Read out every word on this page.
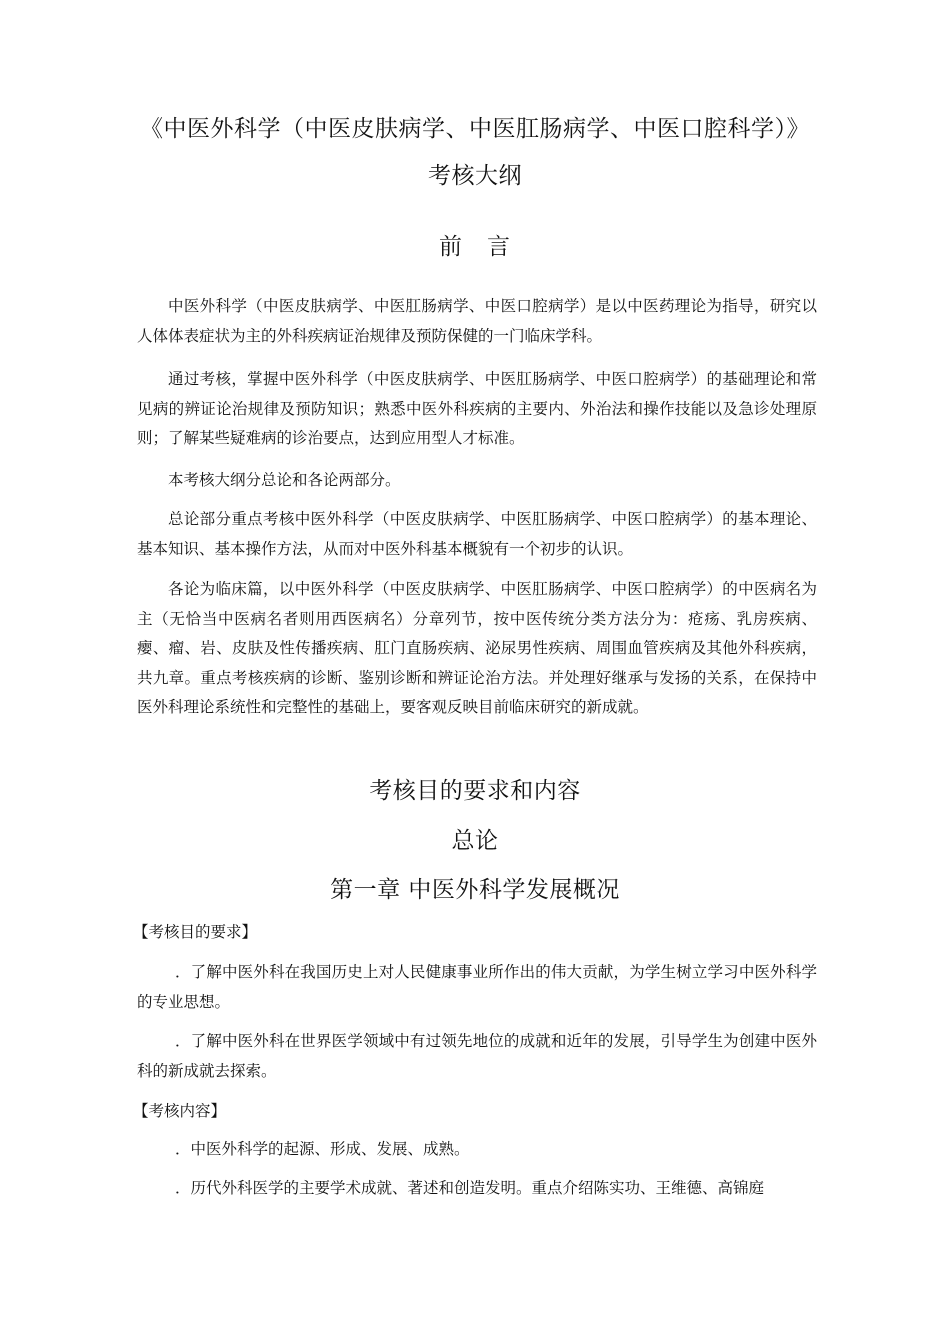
《中医外科学（中医皮肤病学、中医肛肠病学、中医口腔科学）》
考核大纲
前　言

中医外科学（中医皮肤病学、中医肛肠病学、中医口腔病学）是以中医药理论为指导，研究以人体体表症状为主的外科疾病证治规律及预防保健的一门临床学科。

通过考核，掌握中医外科学（中医皮肤病学、中医肛肠病学、中医口腔病学）的基础理论和常见病的辨证论治规律及预防知识；熟悉中医外科疾病的主要内、外治法和操作技能以及急诊处理原则；了解某些疑难病的诊治要点，达到应用型人才标准。

本考核大纲分总论和各论两部分。

总论部分重点考核中医外科学（中医皮肤病学、中医肛肠病学、中医口腔病学）的基本理论、基本知识、基本操作方法，从而对中医外科基本概貌有一个初步的认识。

各论为临床篇，以中医外科学（中医皮肤病学、中医肛肠病学、中医口腔病学）的中医病名为主（无恰当中医病名者则用西医病名）分章列节，按中医传统分类方法分为：疮疡、乳房疾病、瘿、瘤、岩、皮肤及性传播疾病、肛门直肠疾病、泌尿男性疾病、周围血管疾病及其他外科疾病，共九章。重点考核疾病的诊断、鉴别诊断和辨证论治方法。并处理好继承与发扬的关系，在保持中医外科理论系统性和完整性的基础上，要客观反映目前临床研究的新成就。

考核目的要求和内容
总论
第一章 中医外科学发展概况

【考核目的要求】

．了解中医外科在我国历史上对人民健康事业所作出的伟大贡献，为学生树立学习中医外科学的专业思想。

．了解中医外科在世界医学领域中有过领先地位的成就和近年的发展，引导学生为创建中医外科的新成就去探索。

【考核内容】

．中医外科学的起源、形成、发展、成熟。

．历代外科医学的主要学术成就、著述和创造发明。重点介绍陈实功、王维德、高锦庭
